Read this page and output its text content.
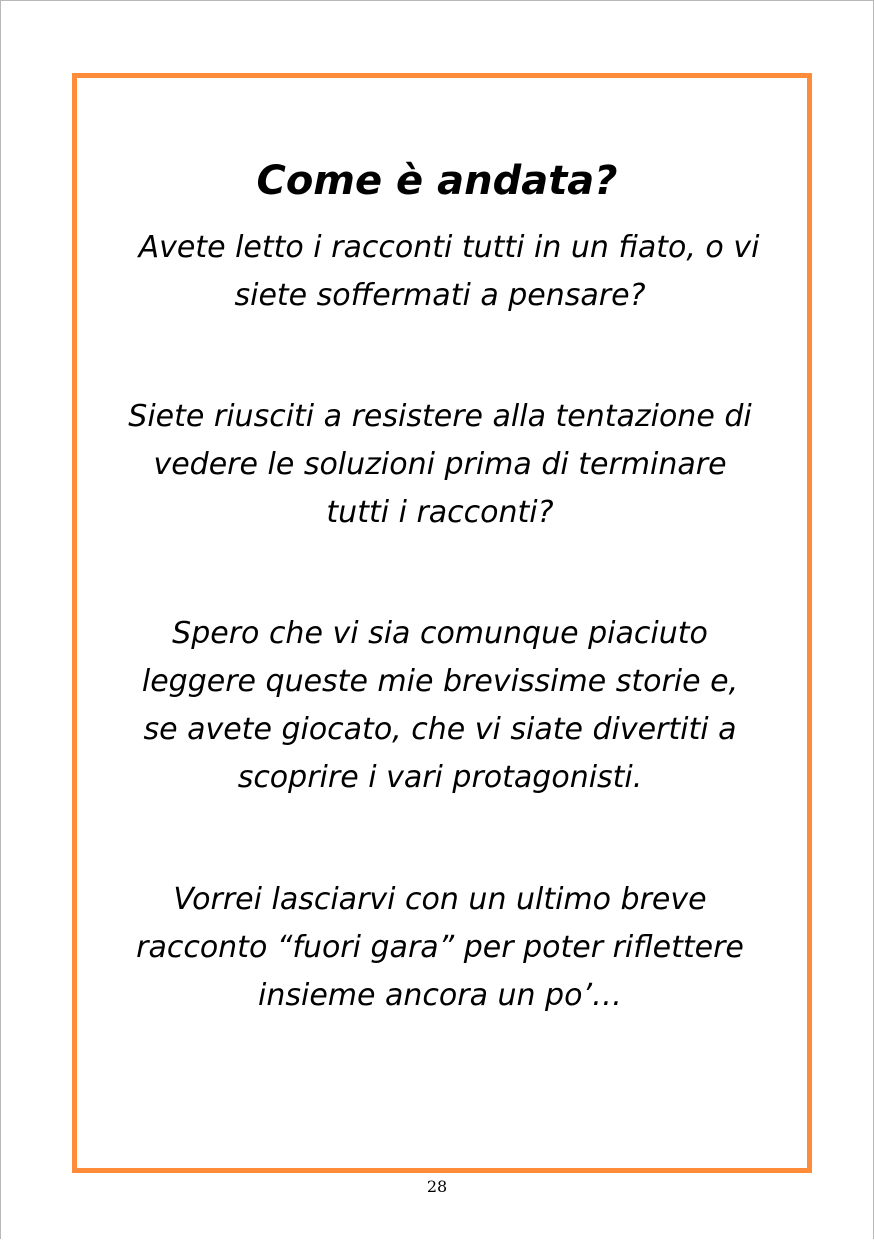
Come è andata?

Avete letto i racconti tutti in un fiato, o vi
siete soffermati a pensare?

Siete riusciti a resistere alla tentazione di
vedere le soluzioni prima di terminare
tutti i racconti?

Spero che vi sia comunque piaciuto
leggere queste mie brevissime storie e,
se avete giocato, che vi siate divertiti a
scoprire i vari protagonisti.

Vorrei lasciarvi con un ultimo breve
racconto “fuori gara” per poter riflettere
insieme ancora un po’…

28
